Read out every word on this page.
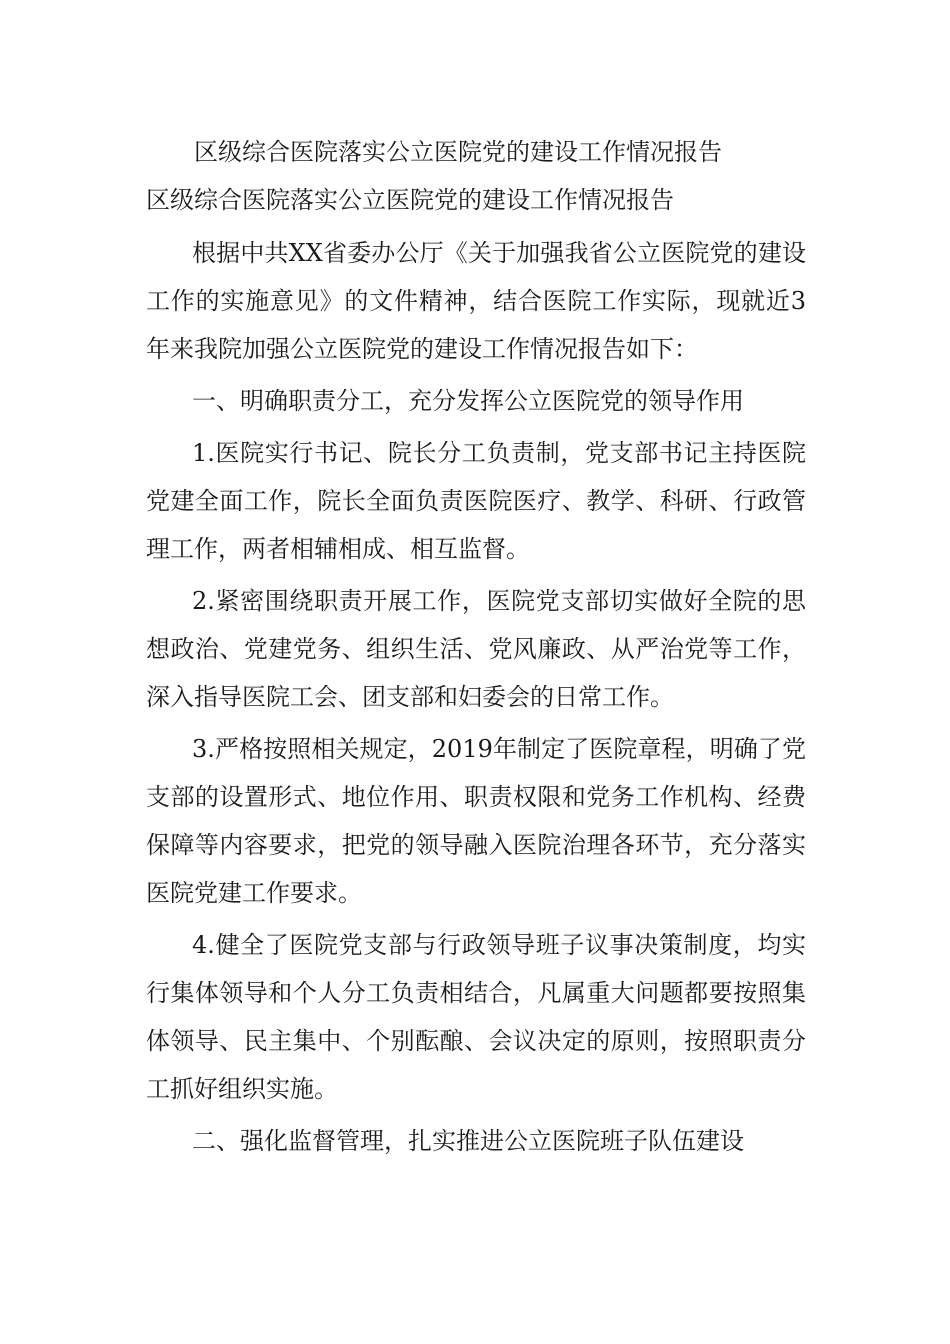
区级综合医院落实公立医院党的建设工作情况报告
区级综合医院落实公立医院党的建设工作情况报告

根据中共XX省委办公厅《关于加强我省公立医院党的建设工作的实施意见》的文件精神，结合医院工作实际，现就近3年来我院加强公立医院党的建设工作情况报告如下：

一、明确职责分工，充分发挥公立医院党的领导作用

1.医院实行书记、院长分工负责制，党支部书记主持医院党建全面工作，院长全面负责医院医疗、教学、科研、行政管理工作，两者相辅相成、相互监督。

2.紧密围绕职责开展工作，医院党支部切实做好全院的思想政治、党建党务、组织生活、党风廉政、从严治党等工作，深入指导医院工会、团支部和妇委会的日常工作。

3.严格按照相关规定，2019年制定了医院章程，明确了党支部的设置形式、地位作用、职责权限和党务工作机构、经费保障等内容要求，把党的领导融入医院治理各环节，充分落实医院党建工作要求。

4.健全了医院党支部与行政领导班子议事决策制度，均实行集体领导和个人分工负责相结合，凡属重大问题都要按照集体领导、民主集中、个别酝酿、会议决定的原则，按照职责分工抓好组织实施。

二、强化监督管理，扎实推进公立医院班子队伍建设
